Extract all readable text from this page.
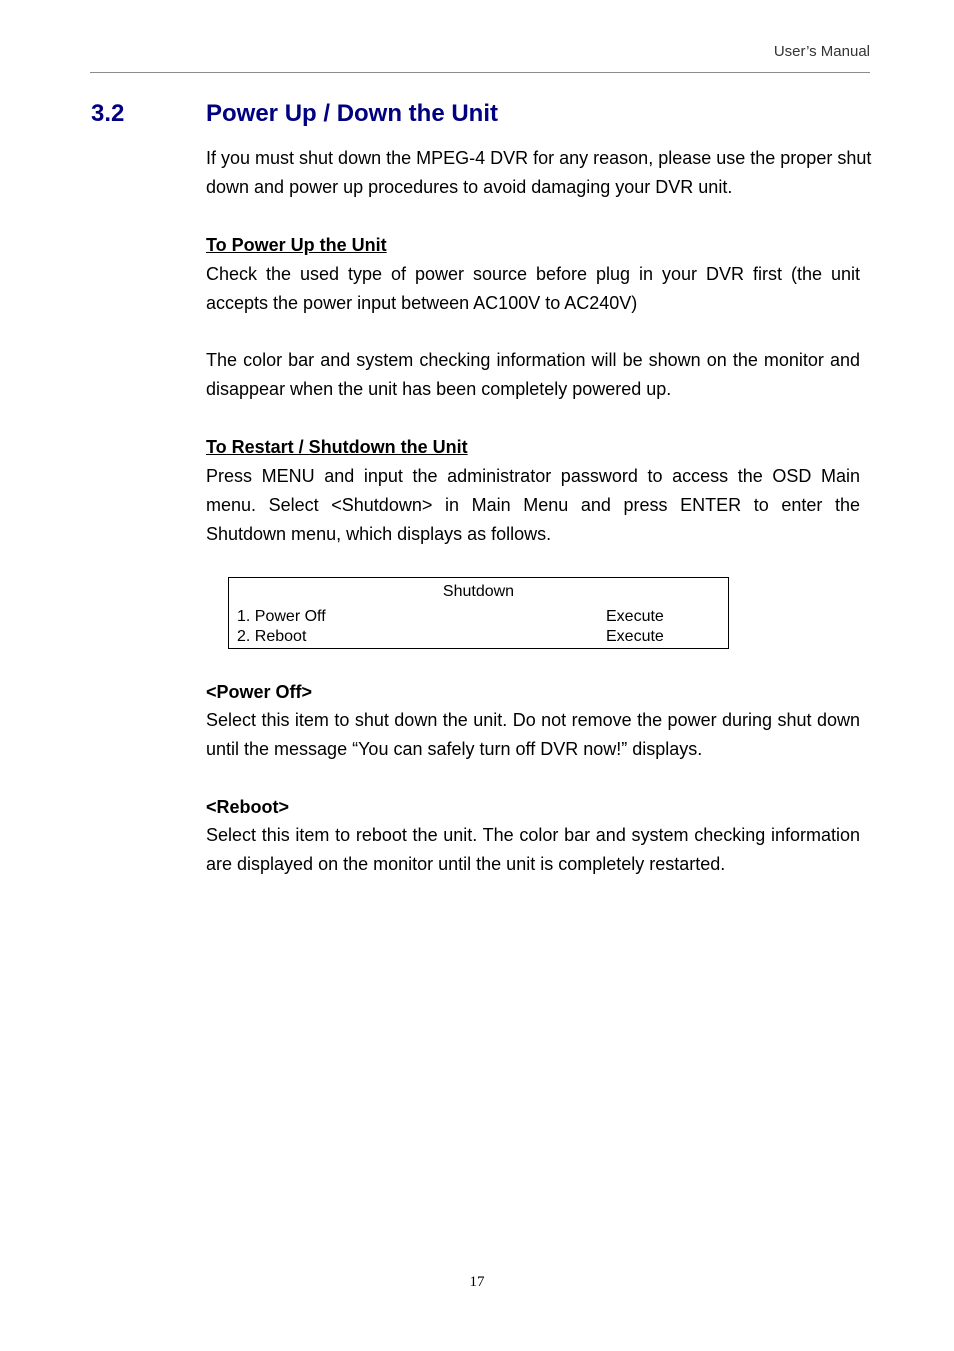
User’s Manual
3.2	Power Up / Down the Unit

If you must shut down the MPEG-4 DVR for any reason, please use the proper shut down and power up procedures to avoid damaging your DVR unit.

To Power Up the Unit

Check the used type of power source before plug in your DVR first (the unit accepts the power input between AC100V to AC240V)

The color bar and system checking information will be shown on the monitor and disappear when the unit has been completely powered up.

To Restart / Shutdown the Unit

Press MENU and input the administrator password to access the OSD Main menu. Select <Shutdown> in Main Menu and press ENTER to enter the Shutdown menu, which displays as follows.

Shutdown
1. Power Off	Execute
2. Reboot	Execute
<Power Off>

Select this item to shut down the unit. Do not remove the power during shut down until the message “You can safely turn off DVR now!” displays.

<Reboot>

Select this item to reboot the unit. The color bar and system checking information are displayed on the monitor until the unit is completely restarted.

17
